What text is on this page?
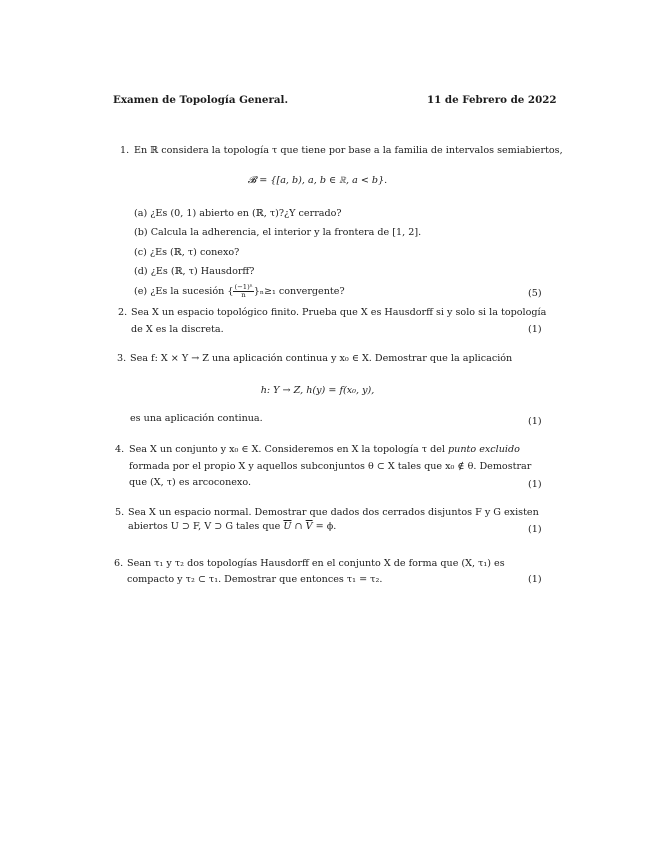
Examen de Topología General.	11 de Febrero de 2022
1. En ℝ considera la topología τ que tiene por base a la familia de intervalos semiabiertos,
𝓑 = {[a, b), a, b ∈ ℝ, a < b}.
(a) ¿Es (0, 1) abierto en (ℝ, τ)?¿Y cerrado?
(b) Calcula la adherencia, el interior y la frontera de [1, 2].
(c) ¿Es (ℝ, τ) conexo?
(d) ¿Es (ℝ, τ) Hausdorff?
(e) ¿Es la sucesión { $\frac{\text{(−1)ⁿ}}{n} \}_n\ge_1$ convergente?	(5)
2. Sea X un espacio topológico finito. Prueba que X es Hausdorff si y solo si la topología
de X es la discreta.	(1)
3. Sea f: X × Y → Z una aplicación continua y x₀ ∈ X. Demostrar que la aplicación
h: Y → Z, h(y) = f(x₀, y),
es una aplicación continua.	(1)
4. Sea X un conjunto y x₀ ∈ X. Consideremos en X la topología τ del punto excluido
formada por el propio X y aquellos subconjuntos θ ⊂ X tales que x₀ ∉ θ. Demostrar
que (X, τ) es arcoconexo.	(1)
5. Sea X un espacio normal. Demostrar que dados dos cerrados disjuntos F y G existen
abiertos U ⊃ F, V ⊃ G tales que $\overline{U}$ ∩ $\overline{V} = \phi$.	(1)
6. Sean τ₁ y τ₂ dos topologías Hausdorff en el conjunto X de forma que (X, τ₁) es
compacto y τ₂ ⊂ τ₁. Demostrar que entonces τ₁ = τ₂.	(1)
